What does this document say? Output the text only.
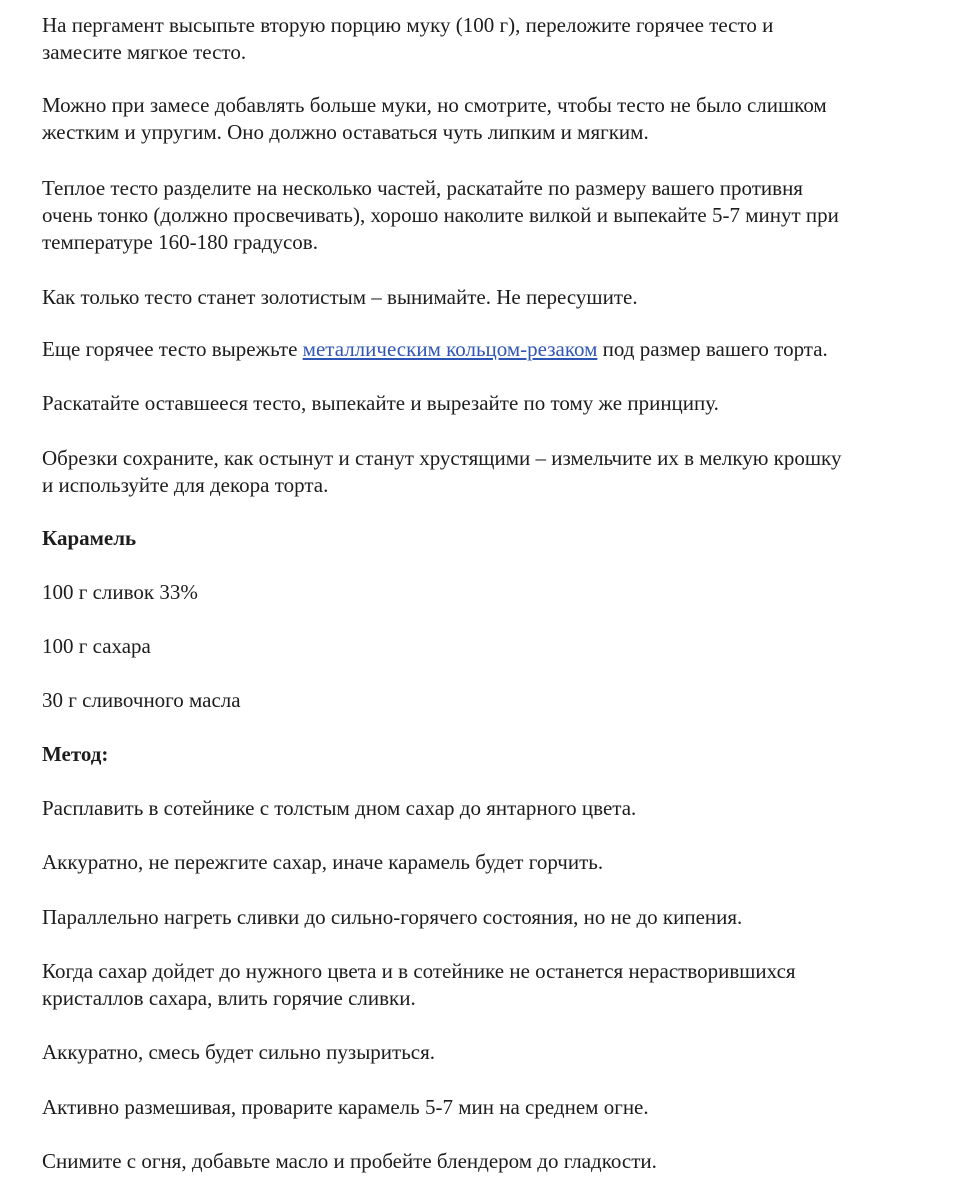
На пергамент высыпьте вторую порцию муку (100 г), переложите горячее тесто и
замесите мягкое тесто.
Можно при замесе добавлять больше муки, но смотрите, чтобы тесто не было слишком
жестким и упругим. Оно должно оставаться чуть липким и мягким.
Теплое тесто разделите на несколько частей, раскатайте по размеру вашего противня
очень тонко (должно просвечивать), хорошо наколите вилкой и выпекайте 5-7 минут при
температуре 160-180 градусов.
Как только тесто станет золотистым – вынимайте. Не пересушите.
Еще горячее тесто вырежьте металлическим кольцом-резаком под размер вашего торта.
Раскатайте оставшееся тесто, выпекайте и вырезайте по тому же принципу.
Обрезки сохраните, как остынут и станут хрустящими – измельчите их в мелкую крошку
и используйте для декора торта.
Карамель
100 г сливок 33%
100 г сахара
30 г сливочного масла
Метод:
Расплавить в сотейнике с толстым дном сахар до янтарного цвета.
Аккуратно, не пережгите сахар, иначе карамель будет горчить.
Параллельно нагреть сливки до сильно-горячего состояния, но не до кипения.
Когда сахар дойдет до нужного цвета и в сотейнике не останется нерастворившихся
кристаллов сахара, влить горячие сливки.
Аккуратно, смесь будет сильно пузыриться.
Активно размешивая, проварите карамель 5-7 мин на среднем огне.
Снимите с огня, добавьте масло и пробейте блендером до гладкости.
